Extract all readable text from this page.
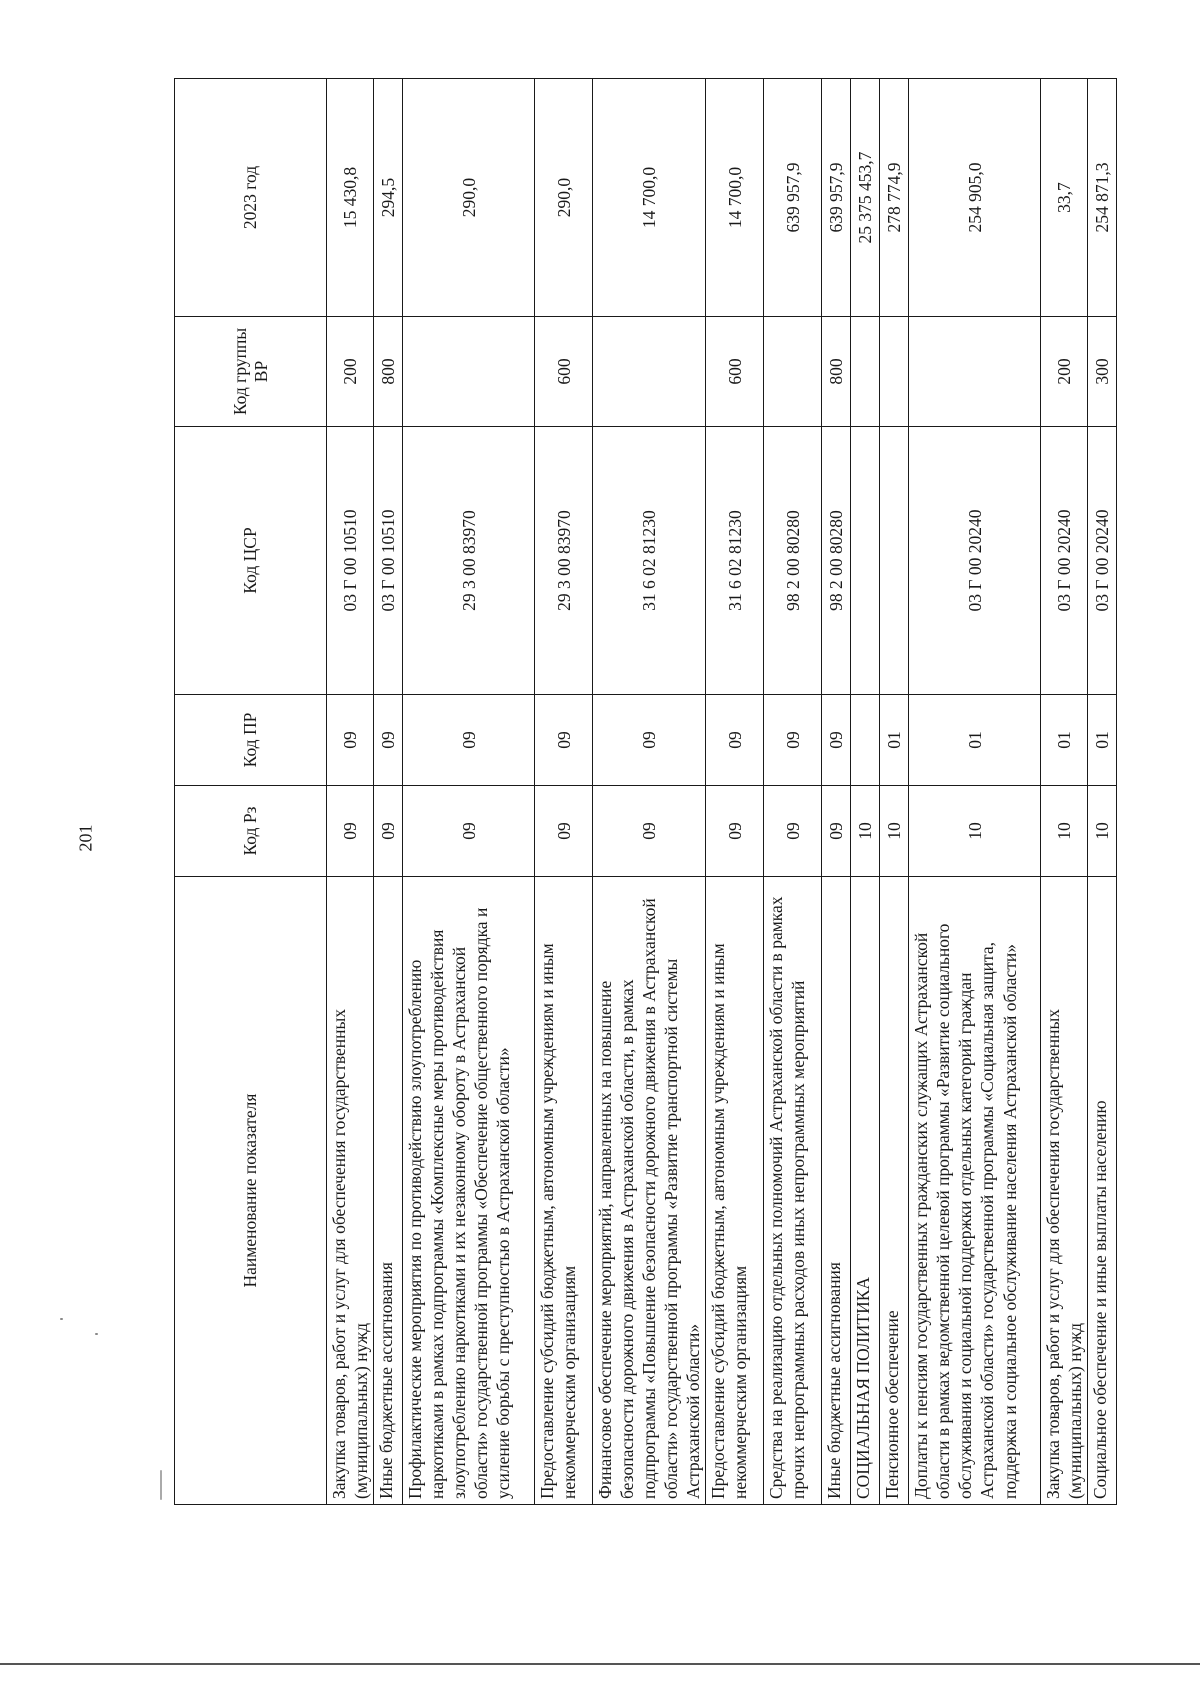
201
Наименование показателя	Код Рз	Код ПР	Код ЦСР	Код группы ВР	2023 год
Закупка товаров, работ и услуг для обеспечения государственных (муниципальных) нужд	09	09	03 Г 00 10510	200	15 430,8
Иные бюджетные ассигнования	09	09	03 Г 00 10510	800	294,5
Профилактические мероприятия по противодействию злоупотреблению наркотиками в рамках подпрограммы «Комплексные меры противодействия злоупотреблению наркотиками и их незаконному обороту в Астраханской области» государственной программы «Обеспечение общественного порядка и усиление борьбы с преступностью в Астраханской области»	09	09	29 3 00 83970		290,0
Предоставление субсидий бюджетным, автономным учреждениям и иным некоммерческим организациям	09	09	29 3 00 83970	600	290,0
Финансовое обеспечение мероприятий, направленных на повышение безопасности дорожного движения в Астраханской области, в рамках подпрограммы «Повышение безопасности дорожного движения в Астраханской области» государственной программы «Развитие транспортной системы Астраханской области»	09	09	31 6 02 81230		14 700,0
Предоставление субсидий бюджетным, автономным учреждениям и иным некоммерческим организациям	09	09	31 6 02 81230	600	14 700,0
Средства на реализацию отдельных полномочий Астраханской области в рамках прочих непрограммных расходов иных непрограммных мероприятий	09	09	98 2 00 80280		639 957,9
Иные бюджетные ассигнования	09	09	98 2 00 80280	800	639 957,9
СОЦИАЛЬНАЯ ПОЛИТИКА	10				25 375 453,7
Пенсионное обеспечение	10	01			278 774,9
Доплаты к пенсиям государственных гражданских служащих Астраханской области в рамках ведомственной целевой программы «Развитие социального обслуживания и социальной поддержки отдельных категорий граждан Астраханской области» государственной программы «Социальная защита, поддержка и социальное обслуживание населения Астраханской области»	10	01	03 Г 00 20240		254 905,0
Закупка товаров, работ и услуг для обеспечения государственных (муниципальных) нужд	10	01	03 Г 00 20240	200	33,7
Социальное обеспечение и иные выплаты населению	10	01	03 Г 00 20240	300	254 871,3
